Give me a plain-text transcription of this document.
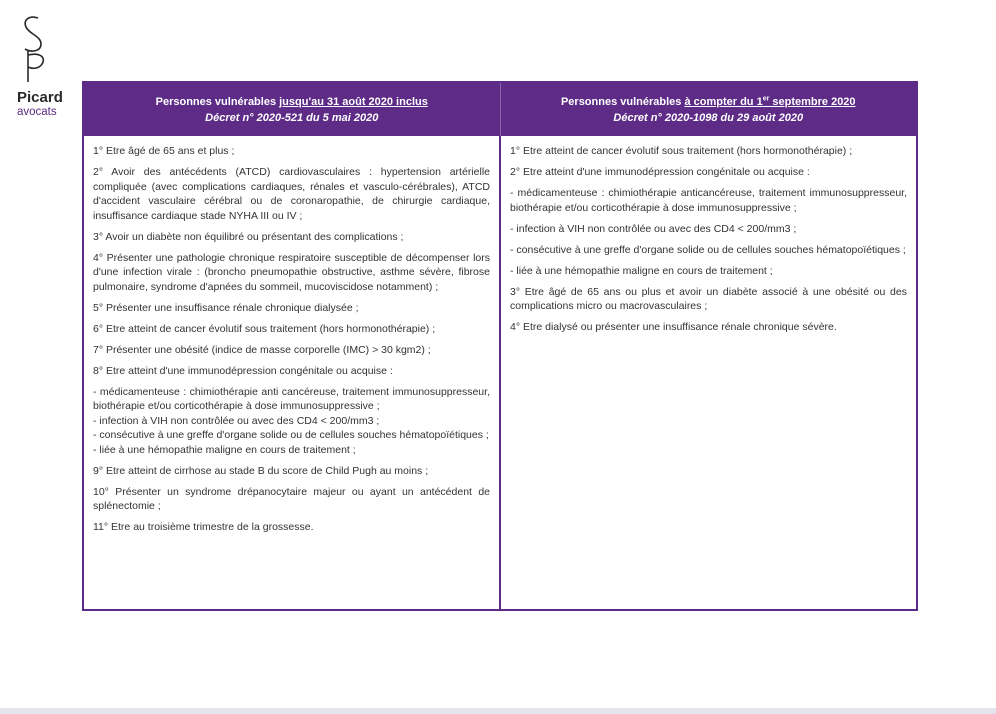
Picard
avocats
Personnes vulnérables jusqu'au 31 août 2020 inclus
Décret n° 2020-521 du 5 mai 2020
Personnes vulnérables à compter du 1er septembre 2020
Décret n° 2020-1098 du 29 août 2020

1° Etre âgé de 65 ans et plus ;

2° Avoir des antécédents (ATCD) cardiovasculaires : hypertension artérielle compliquée (avec complications cardiaques, rénales et vasculo-cérébrales), ATCD d'accident vasculaire cérébral ou de coronaropathie, de chirurgie cardiaque, insuffisance cardiaque stade NYHA III ou IV ;

3° Avoir un diabète non équilibré ou présentant des complications ;

4° Présenter une pathologie chronique respiratoire susceptible de décompenser lors d'une infection virale : (broncho pneumopathie obstructive, asthme sévère, fibrose pulmonaire, syndrome d'apnées du sommeil, mucoviscidose notamment) ;

5° Présenter une insuffisance rénale chronique dialysée ;

6° Etre atteint de cancer évolutif sous traitement (hors hormonothérapie) ;

7° Présenter une obésité (indice de masse corporelle (IMC) > 30 kgm2) ;

8° Etre atteint d'une immunodépression congénitale ou acquise :

- médicamenteuse : chimiothérapie anti cancéreuse, traitement immunosuppresseur, biothérapie et/ou corticothérapie à dose immunosuppressive ;

- infection à VIH non contrôlée ou avec des CD4 < 200/mm3 ;

- consécutive à une greffe d'organe solide ou de cellules souches hématopoïétiques ;

- liée à une hémopathie maligne en cours de traitement ;

9° Etre atteint de cirrhose au stade B du score de Child Pugh au moins ;

10° Présenter un syndrome drépanocytaire majeur ou ayant un antécédent de splénectomie ;

11° Etre au troisième trimestre de la grossesse.

1° Etre atteint de cancer évolutif sous traitement (hors hormonothérapie) ;

2° Etre atteint d'une immunodépression congénitale ou acquise :

- médicamenteuse : chimiothérapie anticancéreuse, traitement immunosuppresseur, biothérapie et/ou corticothérapie à dose immunosuppressive ;

- infection à VIH non contrôlée ou avec des CD4 < 200/mm3 ;

- consécutive à une greffe d'organe solide ou de cellules souches hématopoïétiques ;

- liée à une hémopathie maligne en cours de traitement ;

3° Etre âgé de 65 ans ou plus et avoir un diabète associé à une obésité ou des complications micro ou macrovasculaires ;

4° Etre dialysé ou présenter une insuffisance rénale chronique sévère.
